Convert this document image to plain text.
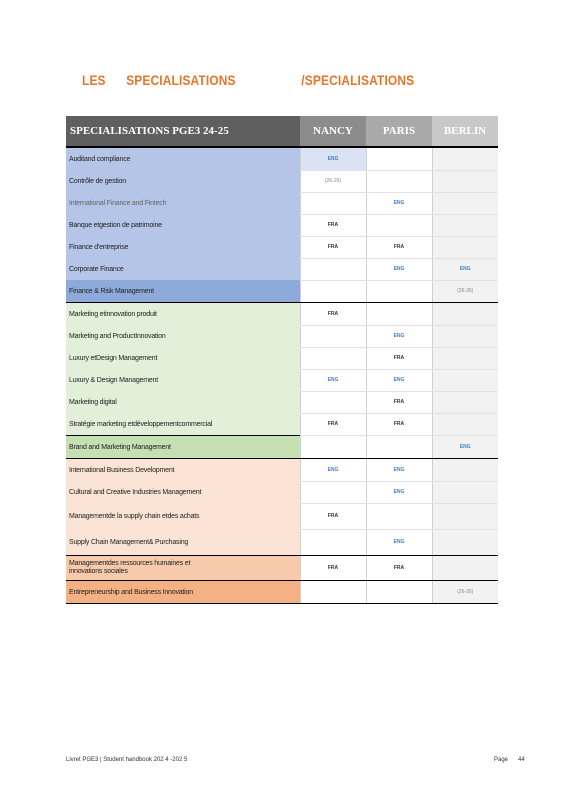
LES SPECIALISATIONS	/SPECIALISATIONS
SPECIALISATIONS PGE3 24-25	NANCY	PARIS	BERLIN
Auditand compliance	ENG		
Contrôle de gestion	(26-26)		
International Finance and Fintech		ENG	
Banque etgestion de patrimoine	FRA		
Finance d'entreprise	FRA	FRA	
Corporate Finance		ENG	ENG
Finance & Risk Management			(26-26)
Marketing etinnovation produit	FRA		
Marketing and ProductInnovation		ENG	
Luxury etDesign Management		FRA	
Luxury & Design Management	ENG	ENG	
Marketing digital		FRA	
Stratégie marketing etdéveloppementcommercial	FRA	FRA	
Brand and Marketing Management			ENG
International Business Development	ENG	ENG	
Cultural and Creative Industries Management		ENG	
Managementde la supply chain etdes achats	FRA		
Supply Chain Management& Purchasing		ENG	

Managementdes ressources humaines et
innovations sociales	FRA	FRA	
Entrepreneurship and Business Innovation			(26-26)
Livret PGE3 | Student handbook 202 4 -202 5	Page 44
